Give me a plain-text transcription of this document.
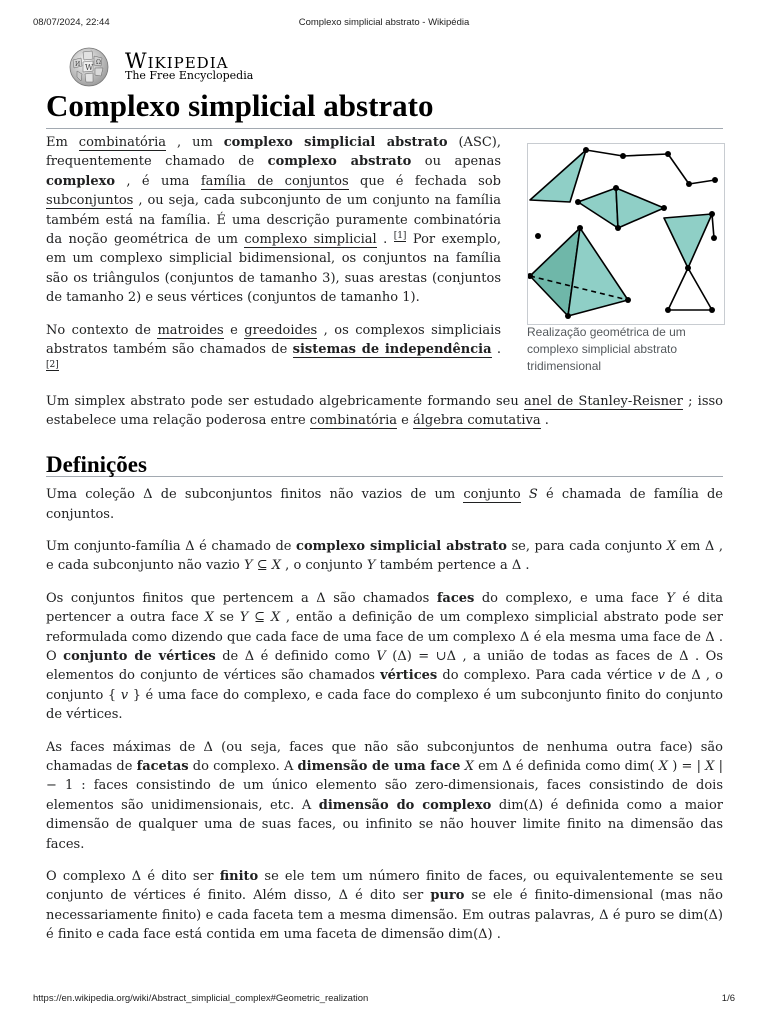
08/07/2024, 22:44	Complexo simplicial abstrato - Wikipédia
W
Ω
И Wikipedia
The Free Encyclopedia
Complexo simplicial abstrato
Realização geométrica de um complexo simplicial abstrato tridimensional

Em combinatória , um complexo simplicial abstrato (ASC), frequentemente chamado de complexo abstrato ou apenas complexo , é uma família de conjuntos que é fechada sob subconjuntos , ou seja, cada subconjunto de um conjunto na família também está na família. É uma descrição puramente combinatória da noção geométrica de um complexo simplicial . [1] Por exemplo, em um complexo simplicial bidimensional, os conjuntos na família são os triângulos (conjuntos de tamanho 3), suas arestas (conjuntos de tamanho 2) e seus vértices (conjuntos de tamanho 1).

No contexto de matroides e greedoides , os complexos simpliciais abstratos também são chamados de sistemas de independência . [2]

Um simplex abstrato pode ser estudado algebricamente formando seu anel de Stanley-Reisner ; isso estabelece uma relação poderosa entre combinatória e álgebra comutativa .

Definições

Uma coleção Δ de subconjuntos finitos não vazios de um conjunto S é chamada de família de conjuntos.

Um conjunto-família Δ é chamado de complexo simplicial abstrato se, para cada conjunto X em Δ , e cada subconjunto não vazio Y ⊆ X , o conjunto Y também pertence a Δ .

Os conjuntos finitos que pertencem a Δ são chamados faces do complexo, e uma face Y é dita pertencer a outra face X se Y ⊆ X , então a definição de um complexo simplicial abstrato pode ser reformulada como dizendo que cada face de uma face de um complexo Δ é ela mesma uma face de Δ . O conjunto de vértices de Δ é definido como V (Δ) = ∪Δ , a união de todas as faces de Δ . Os elementos do conjunto de vértices são chamados vértices do complexo. Para cada vértice v de Δ , o conjunto { v } é uma face do complexo, e cada face do complexo é um subconjunto finito do conjunto de vértices.

As faces máximas de Δ (ou seja, faces que não são subconjuntos de nenhuma outra face) são chamadas de facetas do complexo. A dimensão de uma face X em Δ é definida como dim( X ) = | X | − 1 : faces consistindo de um único elemento são zero-dimensionais, faces consistindo de dois elementos são unidimensionais, etc. A dimensão do complexo dim(Δ) é definida como a maior dimensão de qualquer uma de suas faces, ou infinito se não houver limite finito na dimensão das faces.

O complexo Δ é dito ser finito se ele tem um número finito de faces, ou equivalentemente se seu conjunto de vértices é finito. Além disso, Δ é dito ser puro se ele é finito-dimensional (mas não necessariamente finito) e cada faceta tem a mesma dimensão. Em outras palavras, Δ é puro se dim(Δ) é finito e cada face está contida em uma faceta de dimensão dim(Δ) .

https://en.wikipedia.org/wiki/Abstract_simplicial_complex#Geometric_realization	1/6
